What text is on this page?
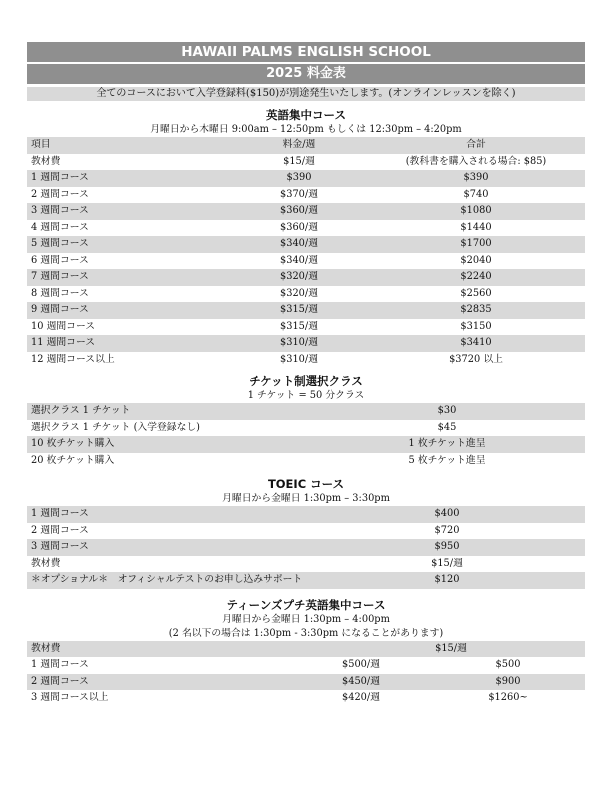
HAWAII PALMS ENGLISH SCHOOL
2025 料金表
全てのコースにおいて入学登録料($150)が別途発生いたします。(オンラインレッスンを除く)
英語集中コース
月曜日から木曜日 9:00am – 12:50pm もしくは 12:30pm – 4:20pm
項目	料金/週	合計
教材費	$15/週	(教科書を購入される場合: $85)
1 週間コース	$390	$390
2 週間コース	$370/週	$740
3 週間コース	$360/週	$1080
4 週間コース	$360/週	$1440
5 週間コース	$340/週	$1700
6 週間コース	$340/週	$2040
7 週間コース	$320/週	$2240
8 週間コース	$320/週	$2560
9 週間コース	$315/週	$2835
10 週間コース	$315/週	$3150
11 週間コース	$310/週	$3410
12 週間コース以上	$310/週	$3720 以上
チケット制選択クラス
1 チケット = 50 分クラス
選択クラス 1 チケット	$30
選択クラス 1 チケット (入学登録なし)	$45
10 枚チケット購入	1 枚チケット進呈
20 枚チケット購入	5 枚チケット進呈
TOEIC コース
月曜日から金曜日 1:30pm – 3:30pm
1 週間コース	$400
2 週間コース	$720
3 週間コース	$950
教材費	$15/週
＊オプショナル＊　オフィシャルテストのお申し込みサポート	$120
ティーンズプチ英語集中コース
月曜日から金曜日 1:30pm – 4:00pm
(2 名以下の場合は 1:30pm - 3:30pm になることがあります)
教材費	$15/週
1 週間コース	$500/週	$500
2 週間コース	$450/週	$900
3 週間コース以上	$420/週	$1260~
